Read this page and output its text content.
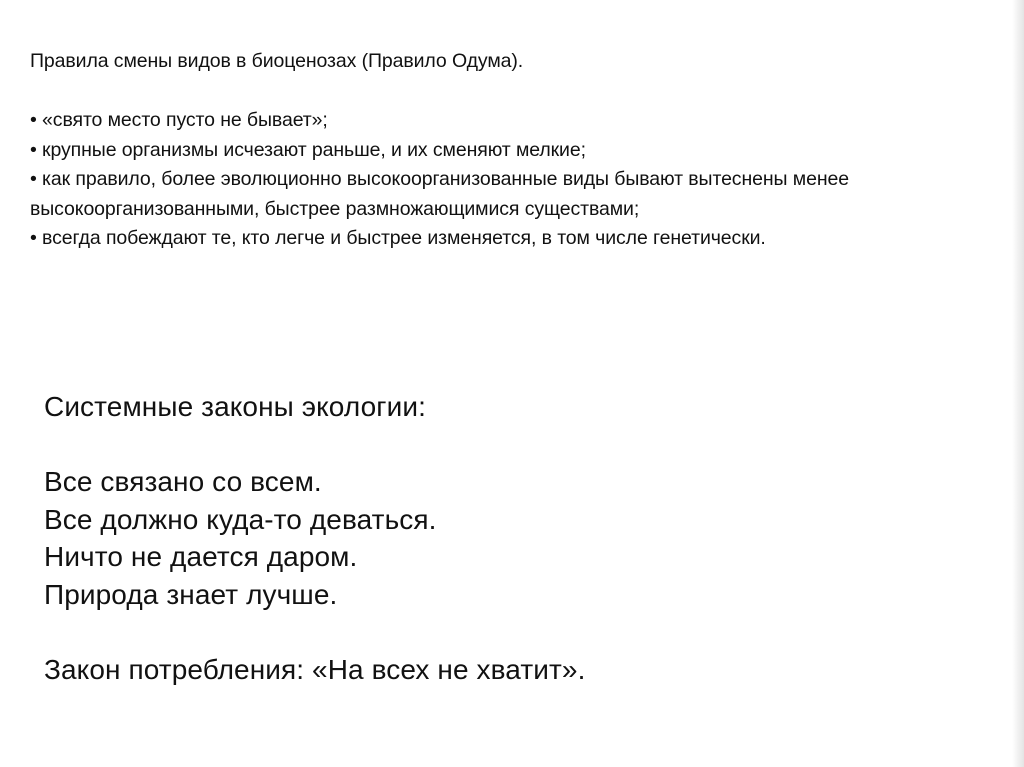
Правила смены видов в биоценозах (Правило Одума).

• «свято место пусто не бывает»;

• крупные организмы исчезают раньше, и их сменяют мелкие;

• как правило, более эволюционно высокоорганизованные виды бывают вытеснены менее высокоорганизованными, быстрее размножающимися существами;

• всегда побеждают те, кто легче и быстрее изменяется, в том числе генетически.

Системные законы экологии:

Все связано со всем.

Все должно куда-то деваться.

Ничто не дается даром.

Природа знает лучше.

Закон потребления: «На всех не хватит».
